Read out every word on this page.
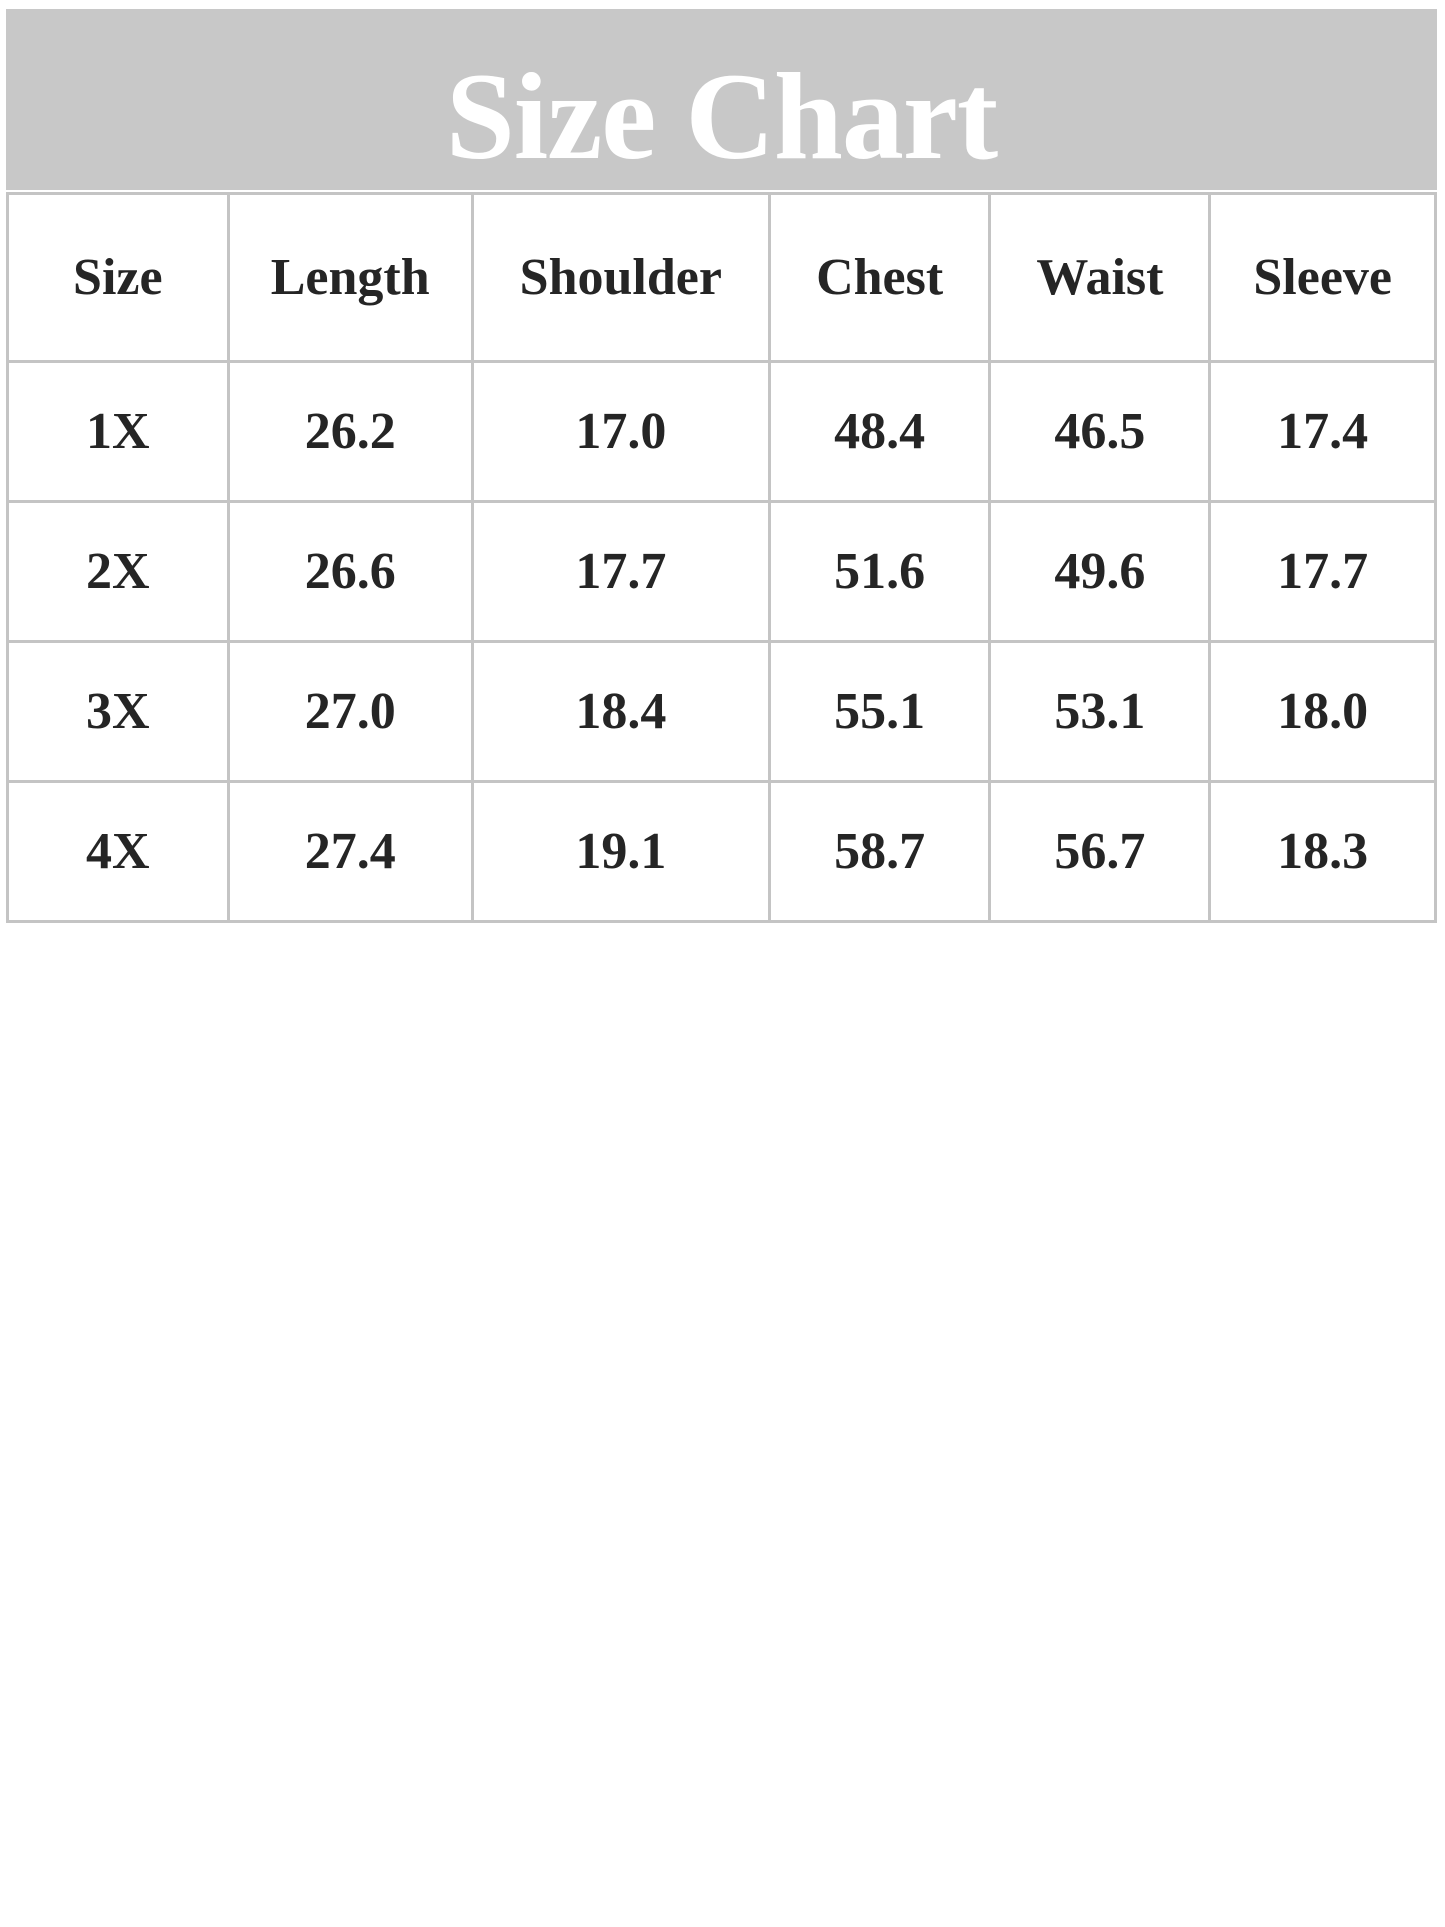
Size Chart
Size	Length	Shoulder	Chest	Waist	Sleeve
1X	26.2	17.0	48.4	46.5	17.4
2X	26.6	17.7	51.6	49.6	17.7
3X	27.0	18.4	55.1	53.1	18.0
4X	27.4	19.1	58.7	56.7	18.3
